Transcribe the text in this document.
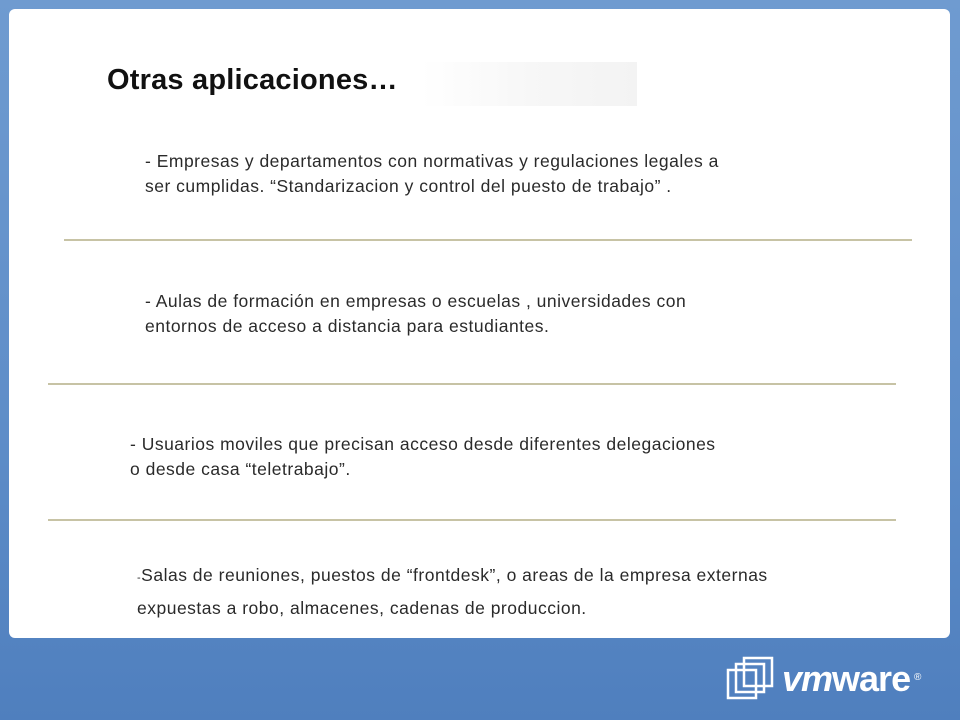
Otras aplicaciones…

- Empresas y departamentos con normativas y regulaciones legales a
ser cumplidas. “Standarizacion y control del puesto de trabajo” .

- Aulas de formación en empresas o escuelas , universidades con
entornos de acceso a distancia para estudiantes.

- Usuarios moviles que precisan acceso desde diferentes delegaciones
o desde casa “teletrabajo”.

-Salas de reuniones, puestos de “frontdesk”, o areas de la empresa externas
expuestas a robo, almacenes, cadenas de produccion.

vmware ®
